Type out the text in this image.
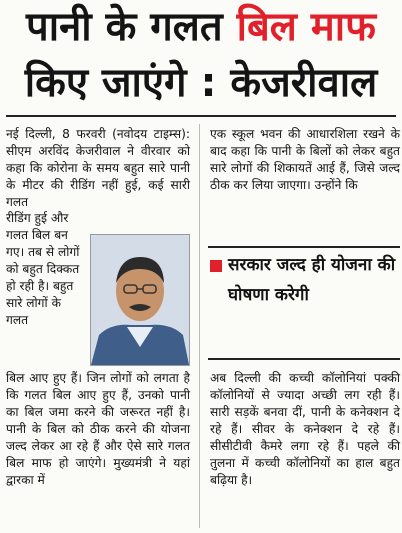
पानी के गलत बिल माफ
किए जाएंगे : केजरीवाल
नई दिल्ली, 8 फरवरी (नवोदय टाइम्स): सीएम अरविंद केजरीवाल ने वीरवार को कहा कि कोरोना के समय बहुत सारे पानी के मीटर की रीडिंग नहीं हुई, कई सारी गलत
रीडिंग हुई और गलत बिल बन गए। तब से लोगों को बहुत दिक्कत हो रही है। बहुत सारे लोगों के गलत
बिल आए हुए हैं। जिन लोगों को लगता है कि गलत बिल आए हुए हैं, उनको पानी का बिल जमा करने की जरूरत नहीं है। पानी के बिल को ठीक करने की योजना जल्द लेकर आ रहे हैं और ऐसे सारे गलत बिल माफ हो जाएंगे। मुख्यमंत्री ने यहां द्वारका में
एक स्कूल भवन की आधारशिला रखने के बाद कहा कि पानी के बिलों को लेकर बहुत सारे लोगों की शिकायतें आई हैं, जिसे जल्द ठीक कर लिया जाएगा। उन्होंने कि
सरकार जल्द ही योजना की घोषणा करेगी
अब दिल्ली की कच्ची कॉलोनियां पक्की कॉलोनियों से ज्यादा अच्छी लग रही हैं। सारी सड़कें बनवा दीं, पानी के कनेक्शन दे रहे हैं। सीवर के कनेक्शन दे रहे हैं। सीसीटीवी कैमरे लगा रहे हैं। पहले की तुलना में कच्ची कॉलोनियों का हाल बहुत बढ़िया है।
